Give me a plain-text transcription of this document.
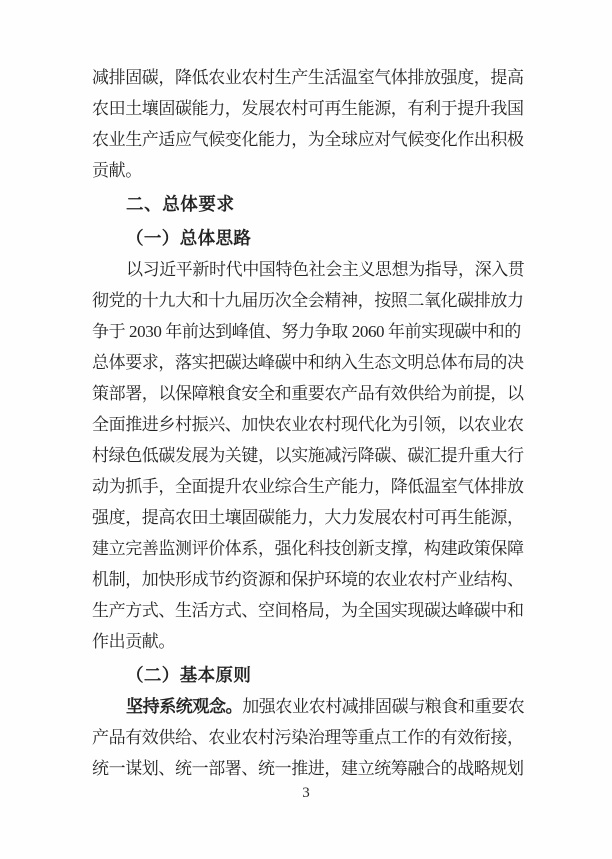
减排固碳，降低农业农村生产生活温室气体排放强度，提高
农田土壤固碳能力，发展农村可再生能源，有利于提升我国
农业生产适应气候变化能力，为全球应对气候变化作出积极
贡献。
二、总体要求
（一）总体思路
以习近平新时代中国特色社会主义思想为指导，深入贯
彻党的十九大和十九届历次全会精神，按照二氧化碳排放力
争于 2030 年前达到峰值、努力争取 2060 年前实现碳中和的
总体要求，落实把碳达峰碳中和纳入生态文明总体布局的决
策部署，以保障粮食安全和重要农产品有效供给为前提，以
全面推进乡村振兴、加快农业农村现代化为引领，以农业农
村绿色低碳发展为关键，以实施减污降碳、碳汇提升重大行
动为抓手，全面提升农业综合生产能力，降低温室气体排放
强度，提高农田土壤固碳能力，大力发展农村可再生能源，
建立完善监测评价体系，强化科技创新支撑，构建政策保障
机制，加快形成节约资源和保护环境的农业农村产业结构、
生产方式、生活方式、空间格局，为全国实现碳达峰碳中和
作出贡献。
（二）基本原则
坚持系统观念。加强农业农村减排固碳与粮食和重要农
产品有效供给、农业农村污染治理等重点工作的有效衔接，
统一谋划、统一部署、统一推进，建立统筹融合的战略规划
3
